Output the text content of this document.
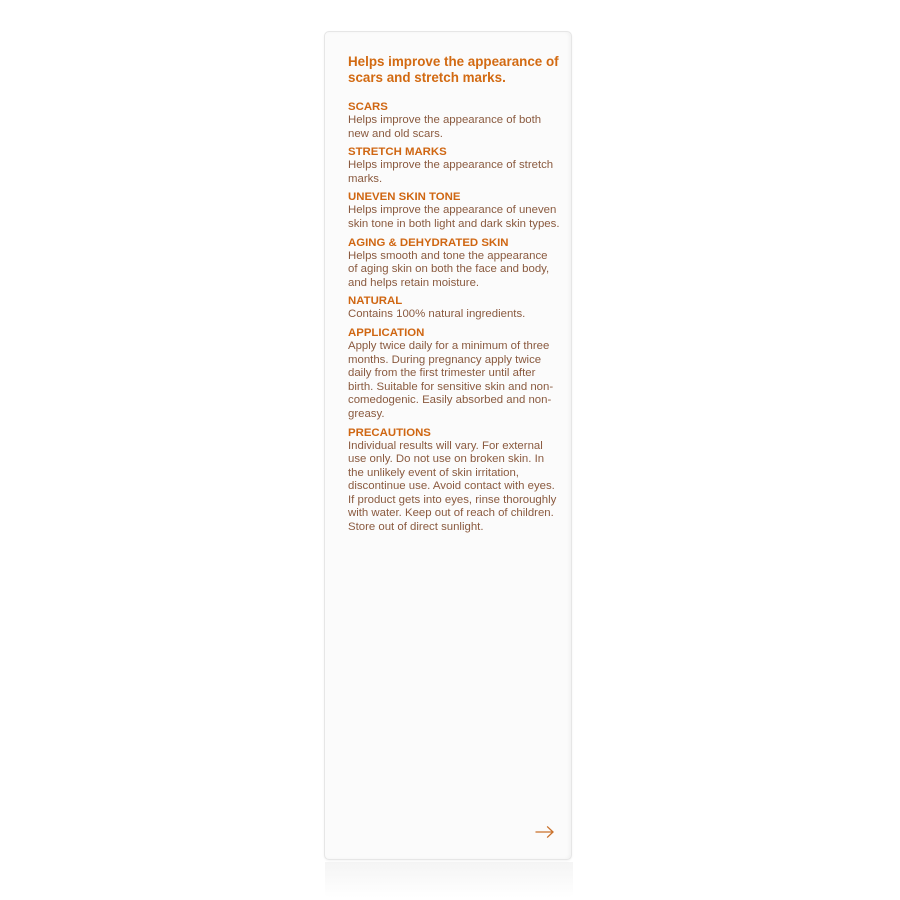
Helps improve the appearance of scars and stretch marks.

SCARS

Helps improve the appearance of both new and old scars.

STRETCH MARKS

Helps improve the appearance of stretch marks.

UNEVEN SKIN TONE

Helps improve the appearance of uneven skin tone in both light and dark skin types.

AGING & DEHYDRATED SKIN

Helps smooth and tone the appearance of aging skin on both the face and body, and helps retain moisture.

NATURAL

Contains 100% natural ingredients.

APPLICATION

Apply twice daily for a minimum of three months. During pregnancy apply twice daily from the first trimester until after birth. Suitable for sensitive skin and non-comedogenic. Easily absorbed and non-greasy.

PRECAUTIONS

Individual results will vary. For external use only. Do not use on broken skin. In the unlikely event of skin irritation, discontinue use. Avoid contact with eyes. If product gets into eyes, rinse thoroughly with water. Keep out of reach of children. Store out of direct sunlight.
